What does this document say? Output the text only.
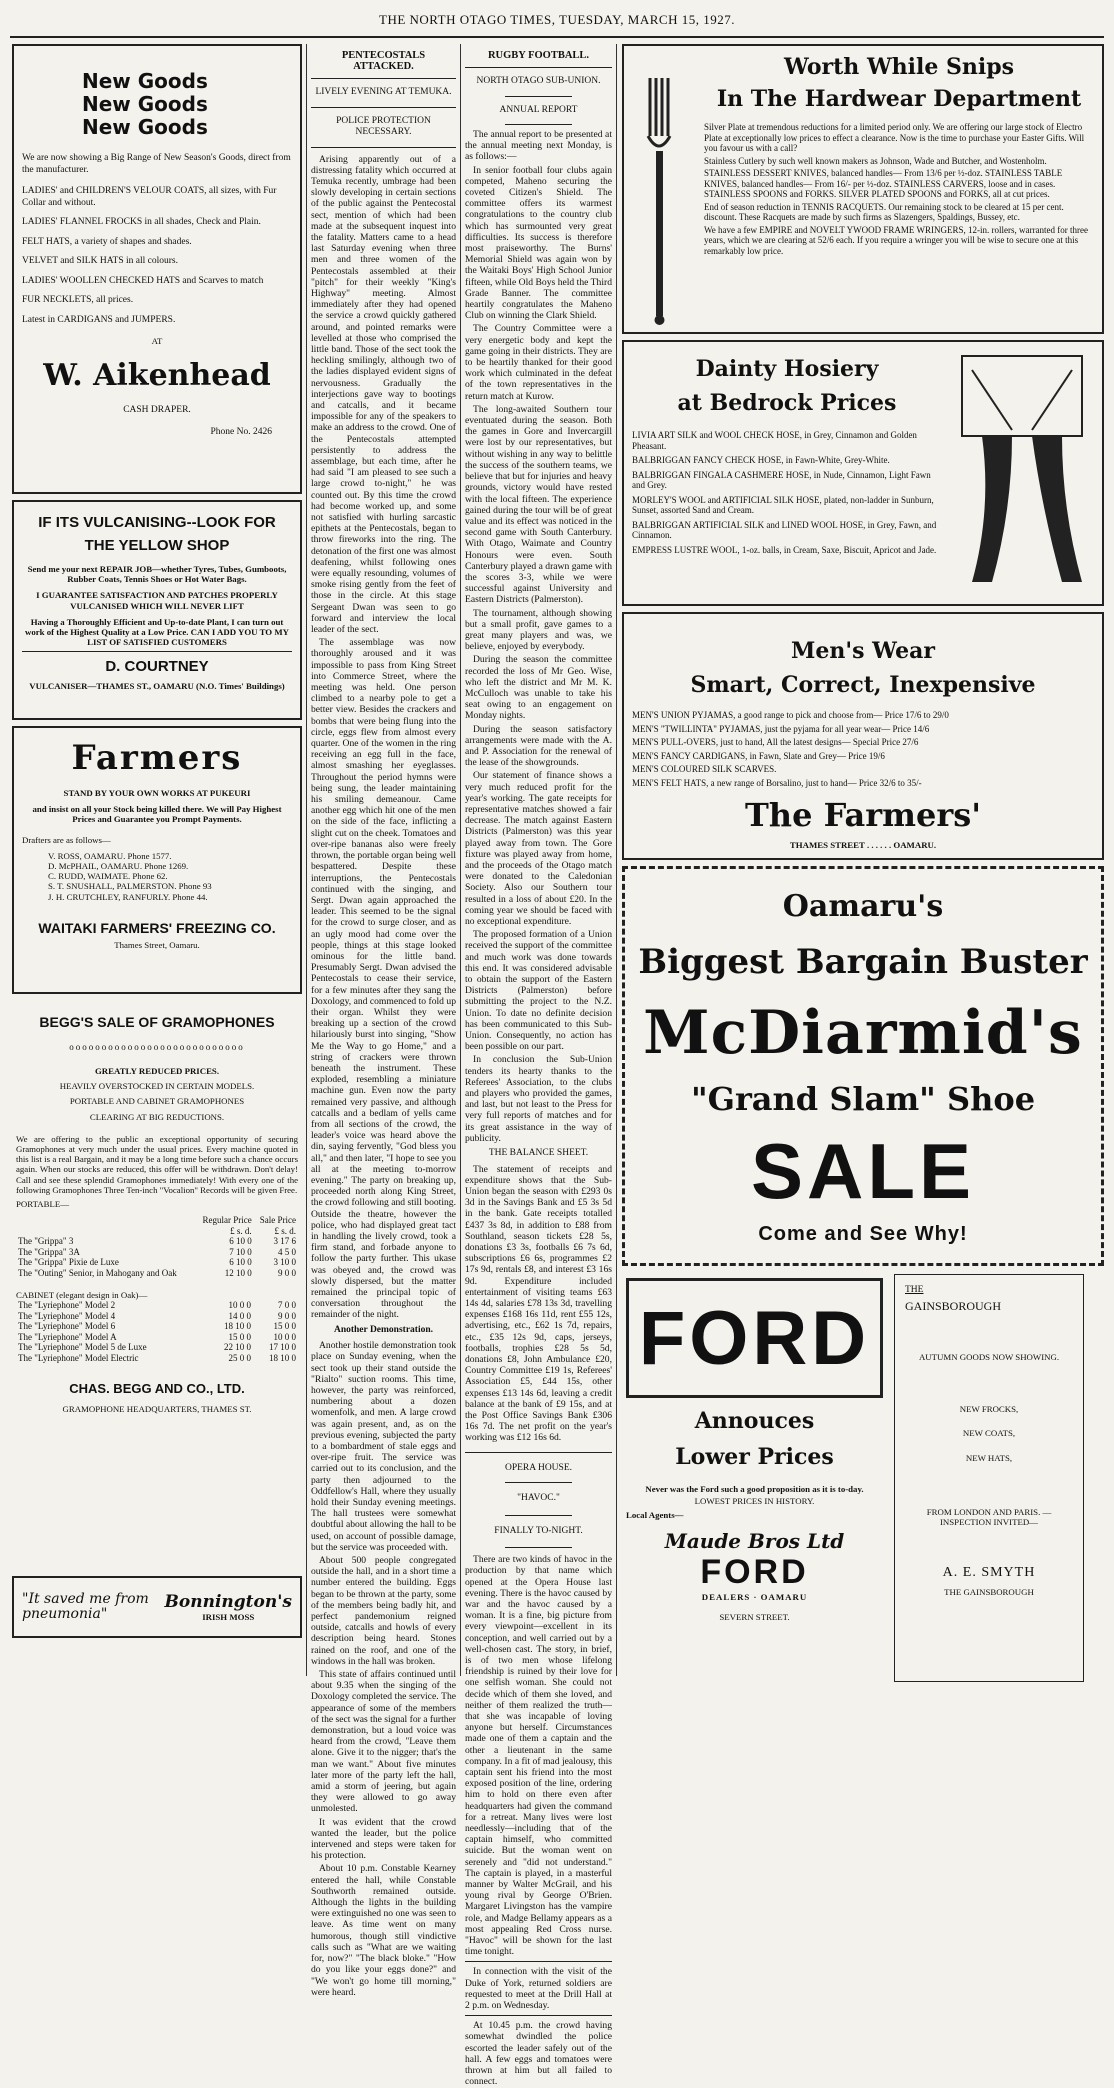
THE NORTH OTAGO TIMES, TUESDAY, MARCH 15, 1927.
New Goods
New Goods
New Goods

We are now showing a Big Range of New Season's Goods, direct from the manufacturer.

LADIES' and CHILDREN'S VELOUR COATS, all sizes, with Fur Collar and without.

LADIES' FLANNEL FROCKS in all shades, Check and Plain.

FELT HATS, a variety of shapes and shades.

VELVET and SILK HATS in all colours.

LADIES' WOOLLEN CHECKED HATS and Scarves to match

FUR NECKLETS, all prices.

Latest in CARDIGANS and JUMPERS.

AT
W. Aikenhead
CASH DRAPER.
Phone No. 2426
IF ITS VULCANISING--LOOK FOR
THE YELLOW SHOP

Send me your next REPAIR JOB—whether Tyres, Tubes, Gumboots, Rubber Coats, Tennis Shoes or Hot Water Bags.

I GUARANTEE SATISFACTION AND PATCHES PROPERLY VULCANISED WHICH WILL NEVER LIFT

Having a Thoroughly Efficient and Up-to-date Plant, I can turn out work of the Highest Quality at a Low Price. CAN I ADD YOU TO MY LIST OF SATISFIED CUSTOMERS

D. COURTNEY
VULCANISER—THAMES ST., OAMARU (N.O. Times' Buildings)
Farmers
STAND BY YOUR OWN WORKS AT PUKEURI
and insist on all your Stock being killed there. We will Pay Highest Prices and Guarantee you Prompt Payments.
Drafters are as follows—
V. ROSS, OAMARU. Phone 1577.
D. McPHAIL, OAMARU. Phone 1269.
C. RUDD, WAIMATE. Phone 62.
S. T. SNUSHALL, PALMERSTON. Phone 93
J. H. CRUTCHLEY, RANFURLY. Phone 44.
WAITAKI FARMERS' FREEZING CO.
Thames Street, Oamaru.
BEGG'S SALE OF GRAMOPHONES
ooooooooooooooooooooooooooo
GREATLY REDUCED PRICES.
HEAVILY OVERSTOCKED IN CERTAIN MODELS.
PORTABLE AND CABINET GRAMOPHONES
CLEARING AT BIG REDUCTIONS.

We are offering to the public an exceptional opportunity of securing Gramophones at very much under the usual prices. Every machine quoted in this list is a real Bargain, and it may be a long time before such a chance occurs again. When our stocks are reduced, this offer will be withdrawn. Don't delay! Call and see these splendid Gramophones immediately! With every one of the following Gramophones Three Ten-inch "Vocalion" Records will be given Free.

PORTABLE—
	Regular Price	Sale Price
	£ s. d.	£ s. d.
The "Grippa" 3	6 10 0	3 17 6
The "Grippa" 3A	7 10 0	4 5 0
The "Grippa" Pixie de Luxe	6 10 0	3 10 0
The "Outing" Senior, in Mahogany and Oak	12 10 0	9 0 0
CABINET (elegant design in Oak)—
The "Lyriephone" Model 2	10 0 0	7 0 0
The "Lyriephone" Model 4	14 0 0	9 0 0
The "Lyriephone" Model 6	18 10 0	15 0 0
The "Lyriephone" Model A	15 0 0	10 0 0
The "Lyriephone" Model 5 de Luxe	22 10 0	17 10 0
The "Lyriephone" Model Electric	25 0 0	18 10 0
CHAS. BEGG AND CO., LTD.
GRAMOPHONE HEADQUARTERS, THAMES ST.
"It saved me from pneumonia"
Bonnington's
IRISH MOSS
PENTECOSTALS ATTACKED.
LIVELY EVENING AT TEMUKA.
POLICE PROTECTION NECESSARY.

Arising apparently out of a distressing fatality which occurred at Temuka recently, umbrage had been slowly developing in certain sections of the public against the Pentecostal sect, mention of which had been made at the subsequent inquest into the fatality. Matters came to a head last Saturday evening when three men and three women of the Pentecostals assembled at their "pitch" for their weekly "King's Highway" meeting. Almost immediately after they had opened the service a crowd quickly gathered around, and pointed remarks were levelled at those who comprised the little band. Those of the sect took the heckling smilingly, although two of the ladies displayed evident signs of nervousness. Gradually the interjections gave way to bootings and catcalls, and it became impossible for any of the speakers to make an address to the crowd. One of the Pentecostals attempted persistently to address the assemblage, but each time, after he had said "I am pleased to see such a large crowd to-night," he was counted out. By this time the crowd had become worked up, and some not satisfied with hurling sarcastic epithets at the Pentecostals, began to throw fireworks into the ring. The detonation of the first one was almost deafening, whilst following ones were equally resounding, volumes of smoke rising gently from the feet of those in the circle. At this stage Sergeant Dwan was seen to go forward and interview the local leader of the sect.

The assemblage was now thoroughly aroused and it was impossible to pass from King Street into Commerce Street, where the meeting was held. One person climbed to a nearby pole to get a better view. Besides the crackers and bombs that were being flung into the circle, eggs flew from almost every quarter. One of the women in the ring receiving an egg full in the face, almost smashing her eyeglasses. Throughout the period hymns were being sung, the leader maintaining his smiling demeanour. Came another egg which hit one of the men on the side of the face, inflicting a slight cut on the cheek. Tomatoes and over-ripe bananas also were freely thrown, the portable organ being well bespattered. Despite these interruptions, the Pentecostals continued with the singing, and Sergt. Dwan again approached the leader. This seemed to be the signal for the crowd to surge closer, and as an ugly mood had come over the people, things at this stage looked ominous for the little band. Presumably Sergt. Dwan advised the Pentecostals to cease their service, for a few minutes after they sang the Doxology, and commenced to fold up their organ. Whilst they were breaking up a section of the crowd hilariously burst into singing, "Show Me the Way to go Home," and a string of crackers were thrown beneath the instrument. These exploded, resembling a miniature machine gun. Even now the party remained very passive, and although catcalls and a bedlam of yells came from all sections of the crowd, the leader's voice was heard above the din, saying fervently, "God bless you all," and then later, "I hope to see you all at the meeting to-morrow evening." The party on breaking up, proceeded north along King Street, the crowd following and still booting. Outside the theatre, however the police, who had displayed great tact in handling the lively crowd, took a firm stand, and forbade anyone to follow the party further. This ukase was obeyed and, the crowd was slowly dispersed, but the matter remained the principal topic of conversation throughout the remainder of the night.

Another Demonstration.

Another hostile demonstration took place on Sunday evening, when the sect took up their stand outside the "Rialto" suction rooms. This time, however, the party was reinforced, numbering about a dozen womenfolk, and men. A large crowd was again present, and, as on the previous evening, subjected the party to a bombardment of stale eggs and over-ripe fruit. The service was carried out to its conclusion, and the party then adjourned to the Oddfellow's Hall, where they usually hold their Sunday evening meetings. The hall trustees were somewhat doubtful about allowing the hall to be used, on account of possible damage, but the service was proceeded with.

About 500 people congregated outside the hall, and in a short time a number entered the building. Eggs began to be thrown at the party, some of the members being badly hit, and perfect pandemonium reigned outside, catcalls and howls of every description being heard. Stones rained on the roof, and one of the windows in the hall was broken.

This state of affairs continued until about 9.35 when the singing of the Doxology completed the service. The appearance of some of the members of the sect was the signal for a further demonstration, but a loud voice was heard from the crowd, "Leave them alone. Give it to the nigger; that's the man we want." About five minutes later more of the party left the hall, amid a storm of jeering, but again they were allowed to go away unmolested.

It was evident that the crowd wanted the leader, but the police intervened and steps were taken for his protection.

About 10 p.m. Constable Kearney entered the hall, while Constable Southworth remained outside. Although the lights in the building were extinguished no one was seen to leave. As time went on many humorous, though still vindictive calls such as "What are we waiting for, now?" "The black bloke." "How do you like your eggs done?" and "We won't go home till morning," were heard.

RUGBY FOOTBALL.
NORTH OTAGO SUB-UNION.
ANNUAL REPORT

The annual report to be presented at the annual meeting next Monday, is as follows:—

In senior football four clubs again competed, Maheno securing the coveted Citizen's Shield. The committee offers its warmest congratulations to the country club which has surmounted very great difficulties. Its success is therefore most praiseworthy. The Burns' Memorial Shield was again won by the Waitaki Boys' High School Junior fifteen, while Old Boys held the Third Grade Banner. The committee heartily congratulates the Maheno Club on winning the Clark Shield.

The Country Committee were a very energetic body and kept the game going in their districts. They are to be heartily thanked for their good work which culminated in the defeat of the town representatives in the return match at Kurow.

The long-awaited Southern tour eventuated during the season. Both the games in Gore and Invercargill were lost by our representatives, but without wishing in any way to belittle the success of the southern teams, we believe that but for injuries and heavy grounds, victory would have rested with the local fifteen. The experience gained during the tour will be of great value and its effect was noticed in the second game with South Canterbury. With Otago, Waimate and Country Honours were even. South Canterbury played a drawn game with the scores 3-3, while we were successful against University and Eastern Districts (Palmerston).

The tournament, although showing but a small profit, gave games to a great many players and was, we believe, enjoyed by everybody.

During the season the committee recorded the loss of Mr Geo. Wise, who left the district and Mr M. K. McCulloch was unable to take his seat owing to an engagement on Monday nights.

During the season satisfactory arrangements were made with the A. and P. Association for the renewal of the lease of the showgrounds.

Our statement of finance shows a very much reduced profit for the year's working. The gate receipts for representative matches showed a fair decrease. The match against Eastern Districts (Palmerston) was this year played away from town. The Gore fixture was played away from home, and the proceeds of the Otago match were donated to the Caledonian Society. Also our Southern tour resulted in a loss of about £20. In the coming year we should be faced with no exceptional expenditure.

The proposed formation of a Union received the support of the committee and much work was done towards this end. It was considered advisable to obtain the support of the Eastern Districts (Palmerston) before submitting the project to the N.Z. Union. To date no definite decision has been communicated to this Sub-Union. Consequently, no action has been possible on our part.

In conclusion the Sub-Union tenders its hearty thanks to the Referees' Association, to the clubs and players who provided the games, and last, but not least to the Press for very full reports of matches and for its great assistance in the way of publicity.

THE BALANCE SHEET.

The statement of receipts and expenditure shows that the Sub-Union began the season with £293 0s 3d in the Savings Bank and £5 3s 5d in the bank. Gate receipts totalled £437 3s 8d, in addition to £88 from Southland, season tickets £28 5s, donations £3 3s, footballs £6 7s 6d, subscriptions £6 6s, programmes £2 17s 9d, rentals £8, and interest £3 16s 9d. Expenditure included entertainment of visiting teams £63 14s 4d, salaries £78 13s 3d, travelling expenses £168 16s 11d, rent £55 12s, advertising, etc., £62 1s 7d, repairs, etc., £35 12s 9d, caps, jerseys, footballs, trophies £28 5s 5d, donations £8, John Ambulance £20, Country Committee £19 1s, Referees' Association £5, £44 15s, other expenses £13 14s 6d, leaving a credit balance at the bank of £9 15s, and at the Post Office Savings Bank £306 16s 7d. The net profit on the year's working was £12 16s 6d.

OPERA HOUSE.
"HAVOC."
FINALLY TO-NIGHT.

There are two kinds of havoc in the production by that name which opened at the Opera House last evening. There is the havoc caused by war and the havoc caused by a woman. It is a fine, big picture from every viewpoint—excellent in its conception, and well carried out by a well-chosen cast. The story, in brief, is of two men whose lifelong friendship is ruined by their love for one selfish woman. She could not decide which of them she loved, and neither of them realized the truth—that she was incapable of loving anyone but herself. Circumstances made one of them a captain and the other a lieutenant in the same company. In a fit of mad jealousy, this captain sent his friend into the most exposed position of the line, ordering him to hold on there even after headquarters had given the command for a retreat. Many lives were lost needlessly—including that of the captain himself, who committed suicide. But the woman went on serenely and "did not understand." The captain is played, in a masterful manner by Walter McGrail, and his young rival by George O'Brien. Margaret Livingston has the vampire role, and Madge Bellamy appears as a most appealing Red Cross nurse. "Havoc" will be shown for the last time tonight.

In connection with the visit of the Duke of York, returned soldiers are requested to meet at the Drill Hall at 2 p.m. on Wednesday.

At 10.45 p.m. the crowd having somewhat dwindled the police escorted the leader safely out of the hall. A few eggs and tomatoes were thrown at him but all failed to connect.

Worth While Snips
In The Hardwear Department

Silver Plate at tremendous reductions for a limited period only. We are offering our large stock of Electro Plate at exceptionally low prices to effect a clearance. Now is the time to purchase your Easter Gifts. Will you favour us with a call?

Stainless Cutlery by such well known makers as Johnson, Wade and Butcher, and Wostenholm.

STAINLESS DESSERT KNIVES, balanced handles— From 13/6 per ½-doz. STAINLESS TABLE KNIVES, balanced handles— From 16/- per ½-doz. STAINLESS CARVERS, loose and in cases. STAINLESS SPOONS and FORKS. SILVER PLATED SPOONS and FORKS, all at cut prices.

End of season reduction in TENNIS RACQUETS. Our remaining stock to be cleared at 15 per cent. discount. These Racquets are made by such firms as Slazengers, Spaldings, Bussey, etc.

We have a few EMPIRE and NOVELT YWOOD FRAME WRINGERS, 12-in. rollers, warranted for three years, which we are clearing at 52/6 each. If you require a wringer you will be wise to secure one at this remarkably low price.

Dainty Hosiery
at Bedrock Prices

LIVIA ART SILK and WOOL CHECK HOSE, in Grey, Cinnamon and Golden Pheasant.

BALBRIGGAN FANCY CHECK HOSE, in Fawn-White, Grey-White.

BALBRIGGAN FINGALA CASHMERE HOSE, in Nude, Cinnamon, Light Fawn and Grey.

MORLEY'S WOOL and ARTIFICIAL SILK HOSE, plated, non-ladder in Sunburn, Sunset, assorted Sand and Cream.

BALBRIGGAN ARTIFICIAL SILK and LINED WOOL HOSE, in Grey, Fawn, and Cinnamon.

EMPRESS LUSTRE WOOL, 1-oz. balls, in Cream, Saxe, Biscuit, Apricot and Jade.

Men's Wear
Smart, Correct, Inexpensive

MEN'S UNION PYJAMAS, a good range to pick and choose from— Price 17/6 to 29/0

MEN'S "TWILLINTA" PYJAMAS, just the pyjama for all year wear— Price 14/6

MEN'S PULL-OVERS, just to hand, All the latest designs— Special Price 27/6

MEN'S FANCY CARDIGANS, in Fawn, Slate and Grey— Price 19/6

MEN'S COLOURED SILK SCARVES.

MEN'S FELT HATS, a new range of Borsalino, just to hand— Price 32/6 to 35/-

The Farmers'
THAMES STREET . . . . . . OAMARU.
Oamaru's
Biggest Bargain Buster
McDiarmid's
"Grand Slam" Shoe
SALE
Come and See Why!
FORD
Annouces
Lower Prices
Never was the Ford such a good proposition as it is to-day.
LOWEST PRICES IN HISTORY.
Local Agents—
Maude Bros Ltd
FORD
DEALERS · OAMARU
SEVERN STREET.
THE
GAINSBOROUGH
AUTUMN GOODS NOW SHOWING.
NEW FROCKS,
NEW COATS,
NEW HATS,
FROM LONDON AND PARIS. —INSPECTION INVITED—
A. E. SMYTH
THE GAINSBOROUGH
